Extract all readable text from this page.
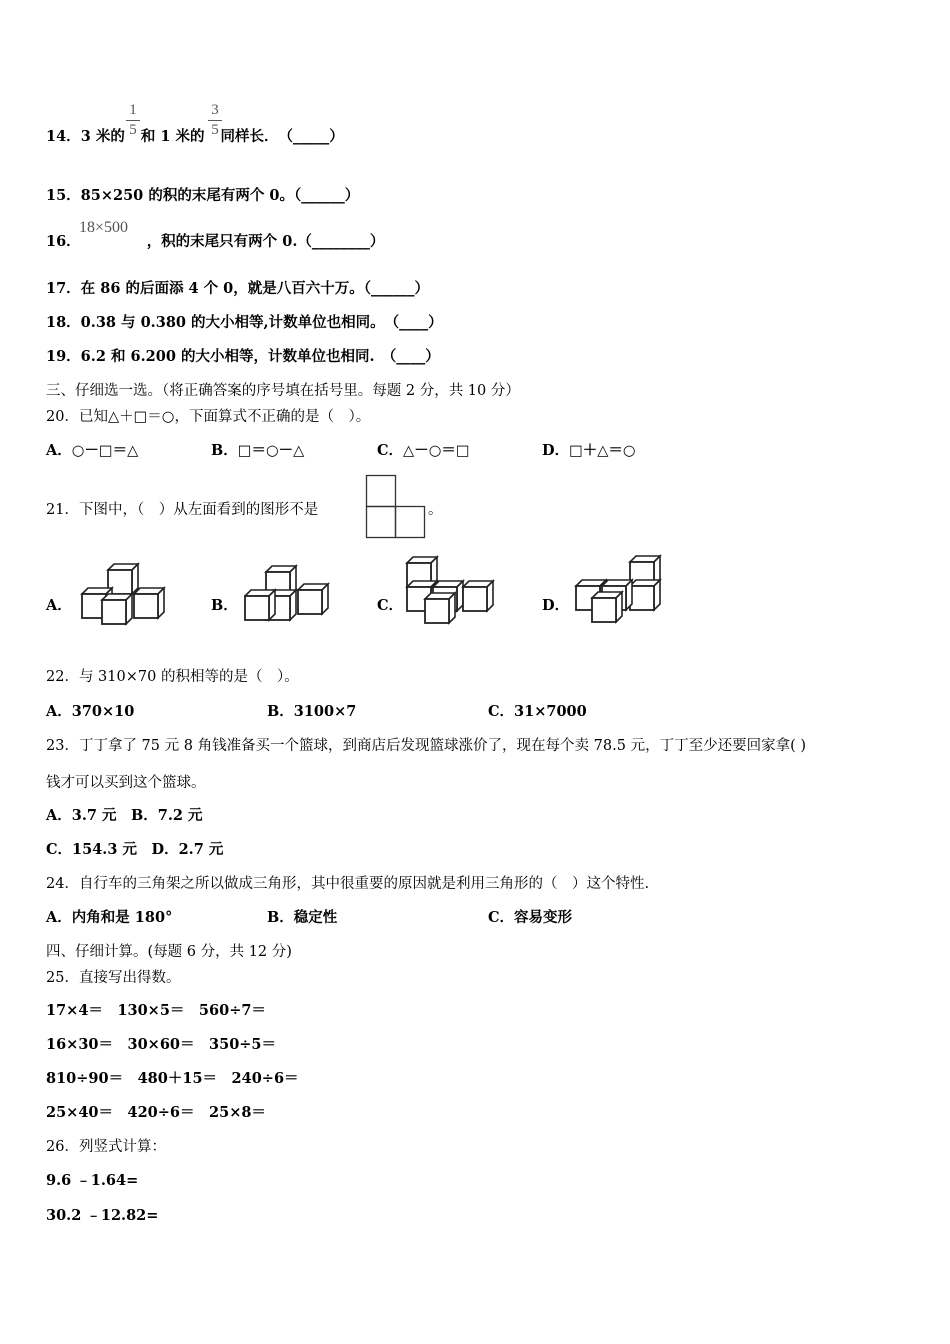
14．3 米的 和 1 米的 同样长．　（_____）
1
5
3
5
15．85×250 的积的末尾有两个 0。（______）
16．	，积的末尾只有两个 0.（________）
18×500
17．在 86 的后面添 4 个 0，就是八百六十万。（______）
18．0.38 与 0.380 的大小相等,计数单位也相同。　（____）
19．6.2 和 6.200 的大小相等，计数单位也相同.　（____）
三、仔细选一选。（将正确答案的序号填在括号里。每题 2 分，共 10 分）
20．已知△＋□＝○，下面算式不正确的是（　）。
A．○－□＝△	B．□＝○－△	C．△－○＝□	D．□＋△＝○
21．下图中，（　）从左面看到的图形不是	。
A．	B．	C．	D．
22．与 310×70 的积相等的是（　）。
A．370×10	B．3100×7	C．31×7000
23．丁丁拿了 75 元 8 角钱准备买一个篮球，到商店后发现篮球涨价了，现在每个卖 78.5 元，丁丁至少还要回家拿( )
钱才可以买到这个篮球。
A．3.7 元　B．7.2 元
C．154.3 元　D．2.7 元
24．自行车的三角架之所以做成三角形，其中很重要的原因就是利用三角形的（　）这个特性.
A．内角和是 180°	B．稳定性	C．容易变形
四、仔细计算。(每题 6 分，共 12 分)
25．直接写出得数。
17×4＝　130×5＝　560÷7＝
16×30＝　30×60＝　350÷5＝
810÷90＝　480＋15＝　240÷6＝
25×40＝　420÷6＝　25×8＝
26．列竖式计算：
9.6 ﹣1.64=
30.2 ﹣12.82=
